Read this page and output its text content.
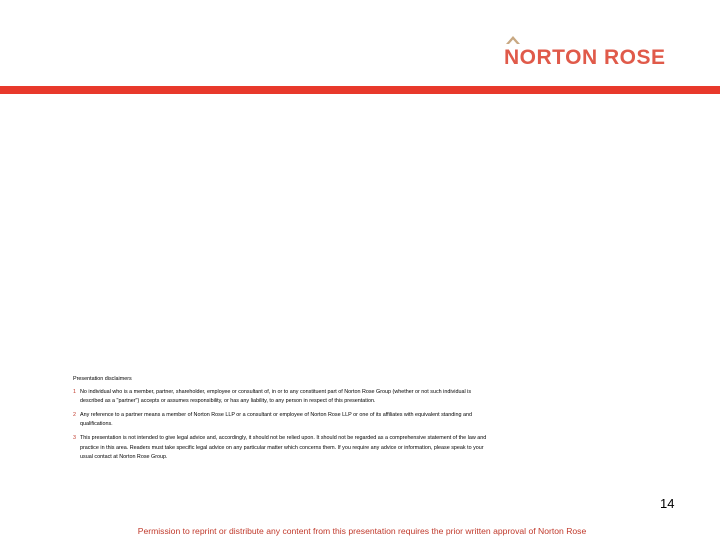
NORTON ROSE
Presentation disclaimers
1 No individual who is a member, partner, shareholder, employee or consultant of, in or to any constituent part of Norton Rose Group (whether or not such individual is described as a "partner") accepts or assumes responsibility, or has any liability, to any person in respect of this presentation.
2 Any reference to a partner means a member of Norton Rose LLP or a consultant or employee of Norton Rose LLP or one of its affiliates with equivalent standing and qualifications.
3 This presentation is not intended to give legal advice and, accordingly, it should not be relied upon. It should not be regarded as a comprehensive statement of the law and practice in this area. Readers must take specific legal advice on any particular matter which concerns them. If you require any advice or information, please speak to your usual contact at Norton Rose Group.
14
Permission to reprint or distribute any content from this presentation requires the prior written approval of Norton Rose
